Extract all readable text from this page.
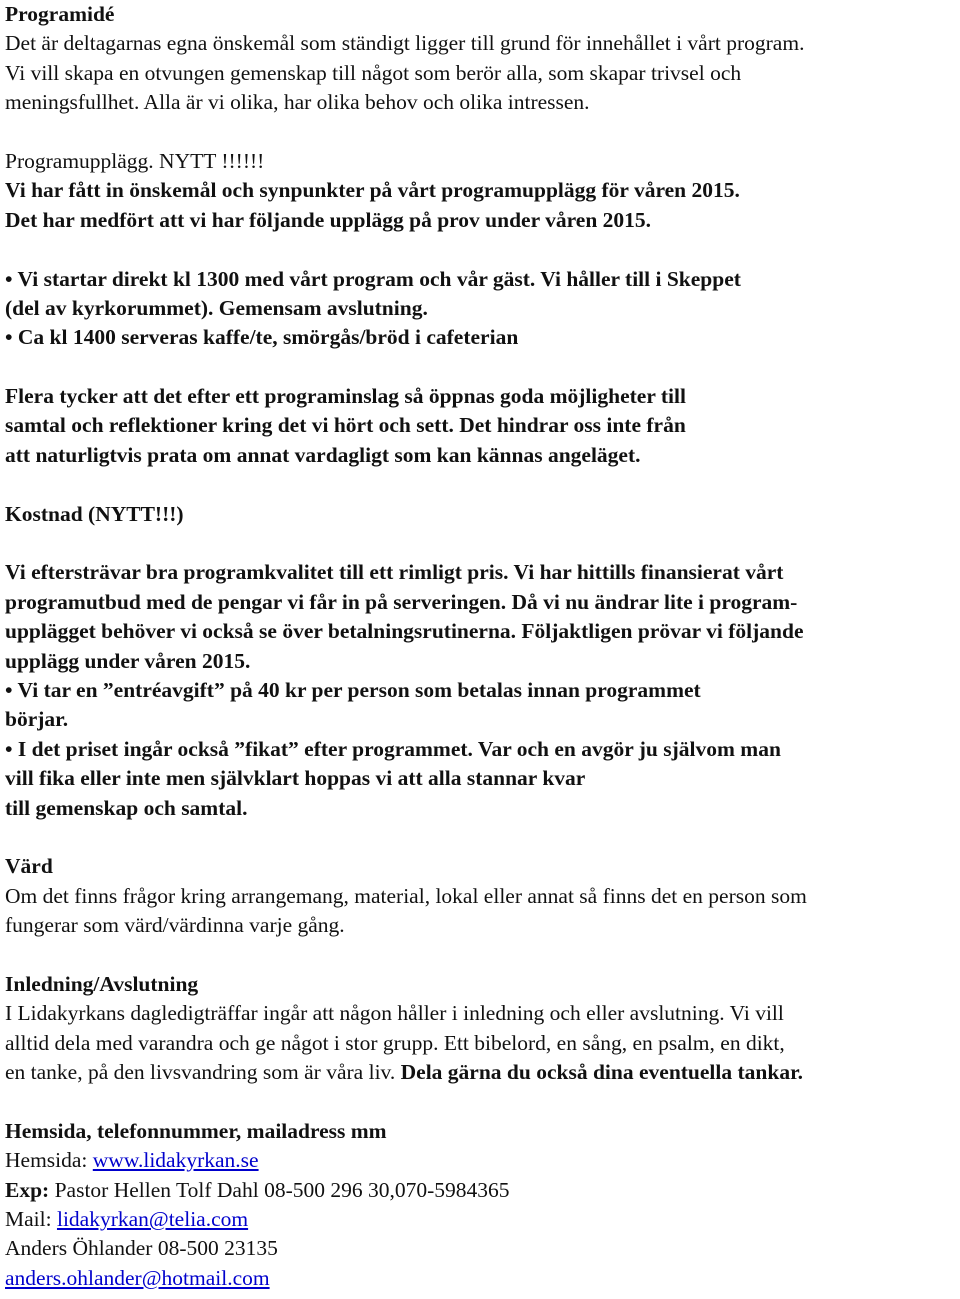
Programidé
Det är deltagarnas egna önskemål som ständigt ligger till grund för innehållet i vårt program.
Vi vill skapa en otvungen gemenskap till något som berör alla, som skapar trivsel och
meningsfullhet. Alla är vi olika, har olika behov och olika intressen.
Programupplägg. NYTT !!!!!!
Vi har fått in önskemål och synpunkter på vårt programupplägg för våren 2015.
Det har medfört att vi har följande upplägg på prov under våren 2015.
• Vi startar direkt kl 1300 med vårt program och vår gäst. Vi håller till i Skeppet
(del av kyrkorummet). Gemensam avslutning.
• Ca kl 1400 serveras kaffe/te, smörgås/bröd i cafeterian
Flera tycker att det efter ett programinslag så öppnas goda möjligheter till
samtal och reflektioner kring det vi hört och sett. Det hindrar oss inte från
att naturligtvis prata om annat vardagligt som kan kännas angeläget.
Kostnad (NYTT!!!)
Vi eftersträvar bra programkvalitet till ett rimligt pris. Vi har hittills finansierat vårt
programutbud med de pengar vi får in på serveringen. Då vi nu ändrar lite i program-
upplägget behöver vi också se över betalningsrutinerna. Följaktligen prövar vi följande
upplägg under våren 2015.
• Vi tar en ”entréavgift” på 40 kr per person som betalas innan programmet
börjar.
• I det priset ingår också ”fikat” efter programmet. Var och en avgör ju självom man
vill fika eller inte men självklart hoppas vi att alla stannar kvar
till gemenskap och samtal.
Värd
Om det finns frågor kring arrangemang, material, lokal eller annat så finns det en person som
fungerar som värd/värdinna varje gång.
Inledning/Avslutning
I Lidakyrkans dagledigträffar ingår att någon håller i inledning och eller avslutning. Vi vill
alltid dela med varandra och ge något i stor grupp. Ett bibelord, en sång, en psalm, en dikt,
en tanke, på den livsvandring som är våra liv. Dela gärna du också dina eventuella tankar.
Hemsida, telefonnummer, mailadress mm
Hemsida: www.lidakyrkan.se
Exp: Pastor Hellen Tolf Dahl 08-500 296 30,070-5984365
Mail: lidakyrkan@telia.com
Anders Öhlander 08-500 23135
anders.ohlander@hotmail.com
